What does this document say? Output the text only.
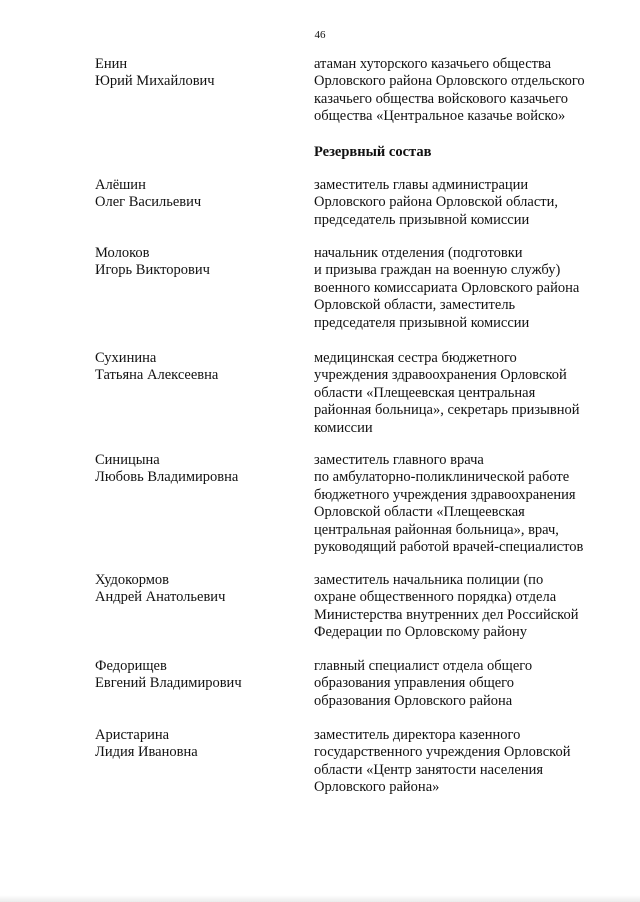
46
Енин
Юрий Михайлович
атаман хуторского казачьего общества
Орловского района Орловского отдельского
казачьего общества войскового казачьего
общества «Центральное казачье войско»
Резервный состав
Алёшин
Олег Васильевич
заместитель главы администрации
Орловского района Орловской области,
председатель призывной комиссии
Молоков
Игорь Викторович
начальник отделения (подготовки
и призыва граждан на военную службу)
военного комиссариата Орловского района
Орловской области, заместитель
председателя призывной комиссии
Сухинина
Татьяна Алексеевна
медицинская сестра бюджетного
учреждения здравоохранения Орловской
области «Плещеевская центральная
районная больница», секретарь призывной
комиссии
Синицына
Любовь Владимировна
заместитель главного врача
по амбулаторно-поликлинической работе
бюджетного учреждения здравоохранения
Орловской области «Плещеевская
центральная районная больница», врач,
руководящий работой врачей-специалистов
Худокормов
Андрей Анатольевич
заместитель начальника полиции (по
охране общественного порядка) отдела
Министерства внутренних дел Российской
Федерации по Орловскому району
Федорищев
Евгений Владимирович
главный специалист отдела общего
образования управления общего
образования Орловского района
Аристарина
Лидия Ивановна
заместитель директора казенного
государственного учреждения Орловской
области «Центр занятости населения
Орловского района»
